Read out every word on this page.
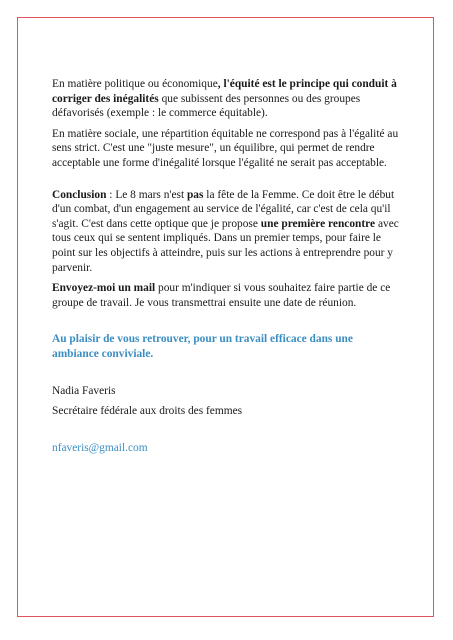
En matière politique ou économique, l'équité est le principe qui conduit à corriger des inégalités que subissent des personnes ou des groupes défavorisés (exemple : le commerce équitable).

En matière sociale, une répartition équitable ne correspond pas à l'égalité au sens strict. C'est une "juste mesure", un équilibre, qui permet de rendre acceptable une forme d'inégalité lorsque l'égalité ne serait pas acceptable.

Conclusion : Le 8 mars n'est pas la fête de la Femme. Ce doit être le début d'un combat, d'un engagement au service de l'égalité, car c'est de cela qu'il s'agit. C'est dans cette optique que je propose une première rencontre avec tous ceux qui se sentent impliqués. Dans un premier temps, pour faire le point sur les objectifs à atteindre, puis sur les actions à entreprendre pour y parvenir.

Envoyez-moi un mail pour m'indiquer si vous souhaitez faire partie de ce groupe de travail. Je vous transmettrai ensuite une date de réunion.

Au plaisir de vous retrouver, pour un travail efficace dans une ambiance conviviale.

Nadia Faveris

Secrétaire fédérale aux droits des femmes

nfaveris@gmail.com
